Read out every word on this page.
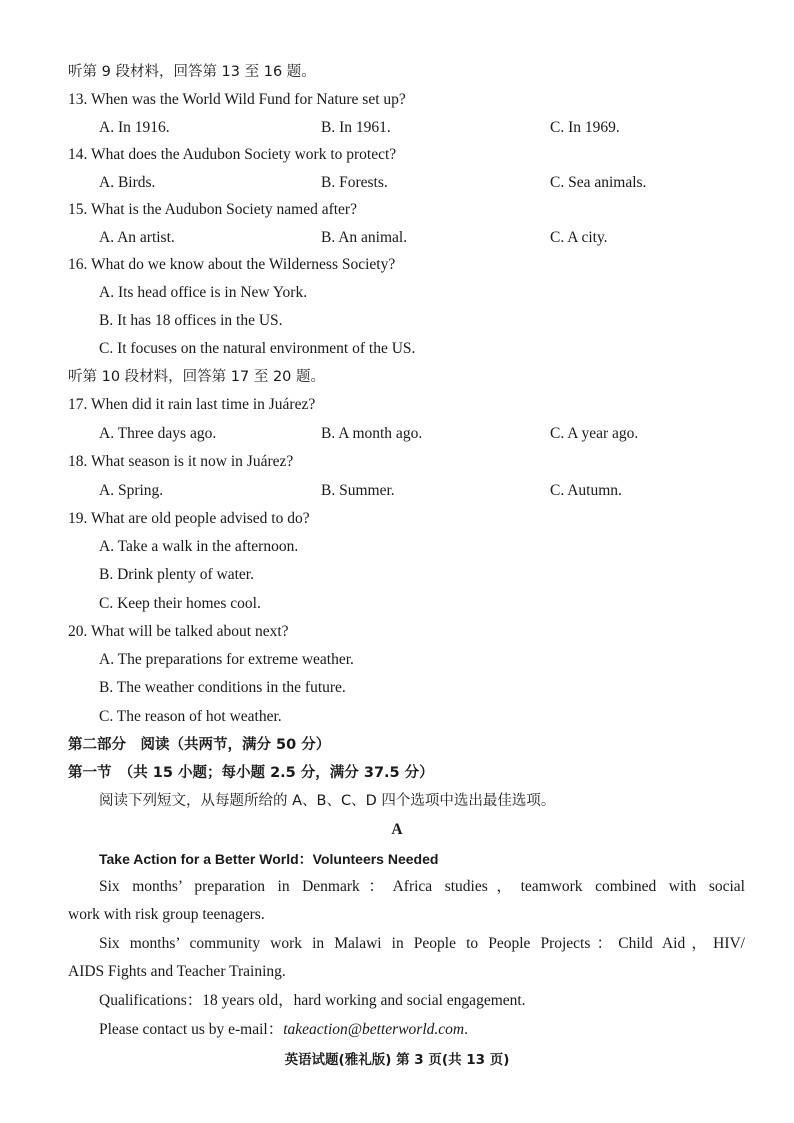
听第 9 段材料，回答第 13 至 16 题。
13. When was the World Wild Fund for Nature set up?
A. In 1916.	B. In 1961.	C. In 1969.
14. What does the Audubon Society work to protect?
A. Birds.	B. Forests.	C. Sea animals.
15. What is the Audubon Society named after?
A. An artist.	B. An animal.	C. A city.
16. What do we know about the Wilderness Society?
A. Its head office is in New York.
B. It has 18 offices in the US.
C. It focuses on the natural environment of the US.
听第 10 段材料，回答第 17 至 20 题。
17. When did it rain last time in Juárez?
A. Three days ago.	B. A month ago.	C. A year ago.
18. What season is it now in Juárez?
A. Spring.	B. Summer.	C. Autumn.
19. What are old people advised to do?
A. Take a walk in the afternoon.
B. Drink plenty of water.
C. Keep their homes cool.
20. What will be talked about next?
A. The preparations for extreme weather.
B. The weather conditions in the future.
C. The reason of hot weather.
第二部分　阅读（共两节，满分 50 分）
第一节　（共 15 小题；每小题 2.5 分，满分 37.5 分）
阅读下列短文，从每题所给的 A、B、C、D 四个选项中选出最佳选项。
A
Take Action for a Better World：Volunteers Needed
Six months’ preparation in Denmark：Africa studies，teamwork combined with social
work with risk group teenagers.
Six months’ community work in Malawi in People to People Projects：Child Aid，HIV/
AIDS Fights and Teacher Training.
Qualifications：18 years old，hard working and social engagement.
Please contact us by e-mail：takeaction@betterworld.com.
英语试题(雅礼版) 第 3 页(共 13 页)
